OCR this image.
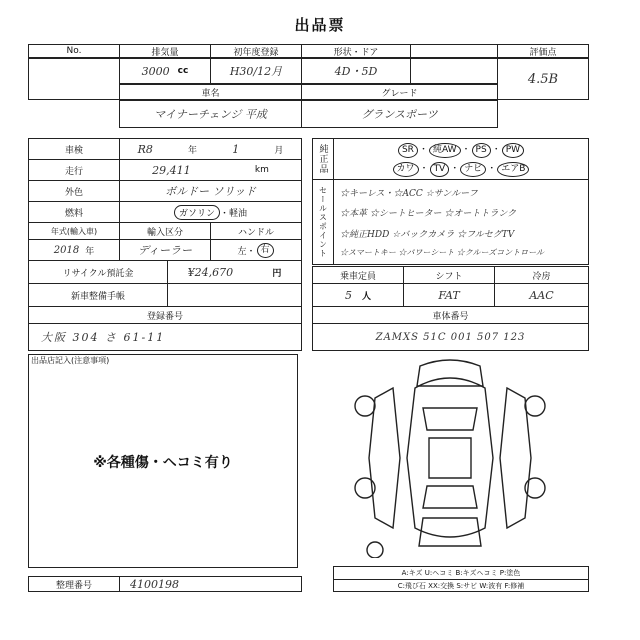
出品票
No.	排気量	初年度登録	形状・ドア	評価点
3000 cc	H30/12月	4D・5D	4.5B
車名	グレード
マイナーチェンジ 平成	グランスポーツ
車検	R8	年	1	月
走行	29,411	km
外色	ボルドー ソリッド
燃料	ガソリン ・ 軽油
年式(輸入車)	輸入区分	ハンドル
2018 年	ディーラー	左 ・ 右
リサイクル預託金	¥24,670	円
新車整備手帳
登録番号
大阪 304 さ 61-11
純正品	SR ・ 純AW ・ PS ・ PW
カワ ・ TV ・ ナビ ・ エアB
セールスポイント	☆キーレス・☆ACC ☆サンルーフ
☆本革 ☆シートヒーター ☆オートトランク
☆純正HDD ☆バックカメラ ☆フルセグTV
☆スマートキー ☆パワーシート ☆クルーズコントロール
乗車定員	シフト	冷房
5 人	FAT	AAC
車体番号
ZAMXS 51C 001 507 123
出品店記入(注意事項)
※各種傷・ヘコミ有り
A:キズ U:ヘコミ B:キズヘコミ P:塗色
C:飛び石 XX:交換 S:サビ W:波有 F:修補
整理番号	4100198
